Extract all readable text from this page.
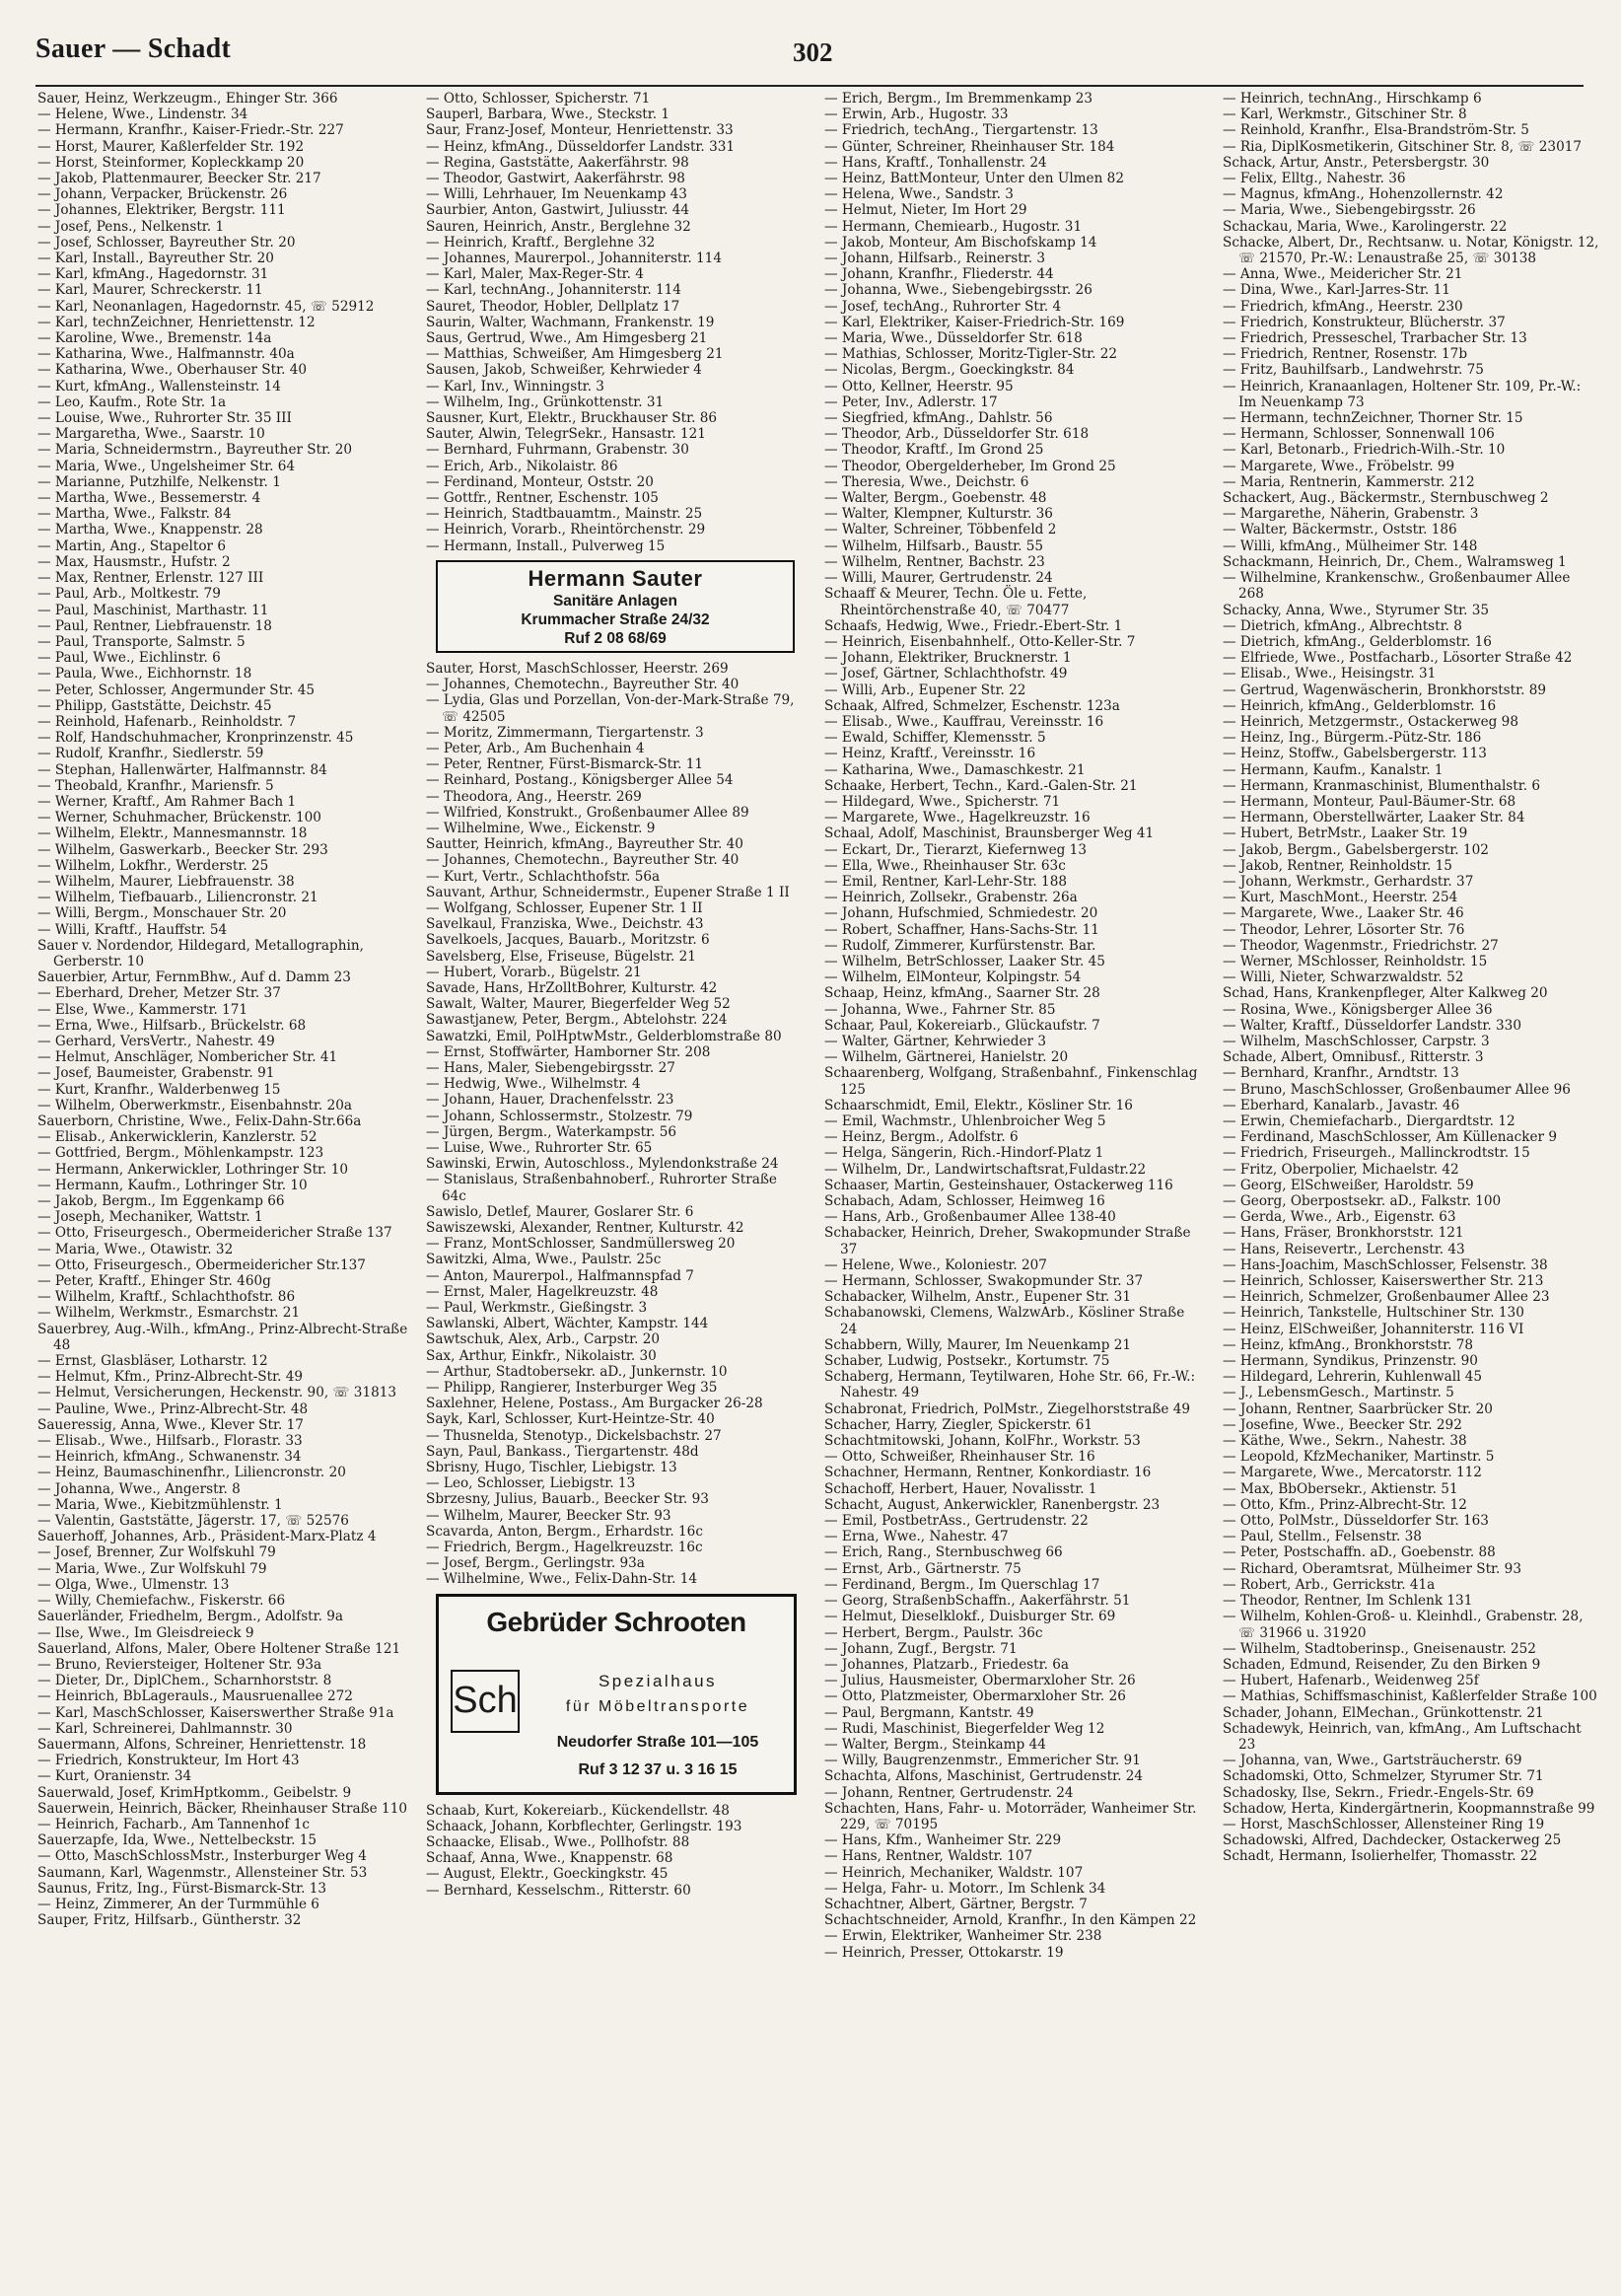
Sauer — Schadt	302
Sauer, Heinz, Werkzeugm., Ehinger Str. 366
— Helene, Wwe., Lindenstr. 34
— Hermann, Kranfhr., Kaiser-Friedr.-Str. 227
— Horst, Maurer, Kaßlerfelder Str. 192
— Horst, Steinformer, Kopleckkamp 20
— Jakob, Plattenmaurer, Beecker Str. 217
— Johann, Verpacker, Brückenstr. 26
— Johannes, Elektriker, Bergstr. 111
— Josef, Pens., Nelkenstr. 1
— Josef, Schlosser, Bayreuther Str. 20
— Karl, Install., Bayreuther Str. 20
— Karl, kfmAng., Hagedornstr. 31
— Karl, Maurer, Schreckerstr. 11
— Karl, Neonanlagen, Hagedornstr. 45, ☏ 52912
— Karl, technZeichner, Henriettenstr. 12
— Karoline, Wwe., Bremenstr. 14a
— Katharina, Wwe., Halfmannstr. 40a
— Katharina, Wwe., Oberhauser Str. 40
— Kurt, kfmAng., Wallensteinstr. 14
— Leo, Kaufm., Rote Str. 1a
— Louise, Wwe., Ruhrorter Str. 35 III
— Margaretha, Wwe., Saarstr. 10
— Maria, Schneidermstrn., Bayreuther Str. 20
— Maria, Wwe., Ungelsheimer Str. 64
— Marianne, Putzhilfe, Nelkenstr. 1
— Martha, Wwe., Bessemerstr. 4
— Martha, Wwe., Falkstr. 84
— Martha, Wwe., Knappenstr. 28
— Martin, Ang., Stapeltor 6
— Max, Hausmstr., Hufstr. 2
— Max, Rentner, Erlenstr. 127 III
— Paul, Arb., Moltkestr. 79
— Paul, Maschinist, Marthastr. 11
— Paul, Rentner, Liebfrauenstr. 18
— Paul, Transporte, Salmstr. 5
— Paul, Wwe., Eichlinstr. 6
— Paula, Wwe., Eichhornstr. 18
— Peter, Schlosser, Angermunder Str. 45
— Philipp, Gaststätte, Deichstr. 45
— Reinhold, Hafenarb., Reinholdstr. 7
— Rolf, Handschuhmacher, Kronprinzenstr. 45
— Rudolf, Kranfhr., Siedlerstr. 59
— Stephan, Hallenwärter, Halfmannstr. 84
— Theobald, Kranfhr., Mariensfr. 5
— Werner, Kraftf., Am Rahmer Bach 1
— Werner, Schuhmacher, Brückenstr. 100
— Wilhelm, Elektr., Mannesmannstr. 18
— Wilhelm, Gaswerkarb., Beecker Str. 293
— Wilhelm, Lokfhr., Werderstr. 25
— Wilhelm, Maurer, Liebfrauenstr. 38
— Wilhelm, Tiefbauarb., Liliencronstr. 21
— Willi, Bergm., Monschauer Str. 20
— Willi, Kraftf., Hauffstr. 54
Sauer v. Nordendor, Hildegard, Metallographin, Gerberstr. 10
Sauerbier, Artur, FernmBhw., Auf d. Damm 23
— Eberhard, Dreher, Metzer Str. 37
— Else, Wwe., Kammerstr. 171
— Erna, Wwe., Hilfsarb., Brückelstr. 68
— Gerhard, VersVertr., Nahestr. 49
— Helmut, Anschläger, Nombericher Str. 41
— Josef, Baumeister, Grabenstr. 91
— Kurt, Kranfhr., Walderbenweg 15
— Wilhelm, Oberwerkmstr., Eisenbahnstr. 20a
Sauerborn, Christine, Wwe., Felix-Dahn-Str.66a
— Elisab., Ankerwicklerin, Kanzlerstr. 52
— Gottfried, Bergm., Möhlenkampstr. 123
— Hermann, Ankerwickler, Lothringer Str. 10
— Hermann, Kaufm., Lothringer Str. 10
— Jakob, Bergm., Im Eggenkamp 66
— Joseph, Mechaniker, Wattstr. 1
— Otto, Friseurgesch., Obermeidericher Straße 137
— Maria, Wwe., Otawistr. 32
— Otto, Friseurgesch., Obermeidericher Str.137
— Peter, Kraftf., Ehinger Str. 460g
— Wilhelm, Kraftf., Schlachthofstr. 86
— Wilhelm, Werkmstr., Esmarchstr. 21
Sauerbrey, Aug.-Wilh., kfmAng., Prinz-Albrecht-Straße 48
— Ernst, Glasbläser, Lotharstr. 12
— Helmut, Kfm., Prinz-Albrecht-Str. 49
— Helmut, Versicherungen, Heckenstr. 90, ☏ 31813
— Pauline, Wwe., Prinz-Albrecht-Str. 48
Saueressig, Anna, Wwe., Klever Str. 17
— Elisab., Wwe., Hilfsarb., Florastr. 33
— Heinrich, kfmAng., Schwanenstr. 34
— Heinz, Baumaschinenfhr., Liliencronstr. 20
— Johanna, Wwe., Angerstr. 8
— Maria, Wwe., Kiebitzmühlenstr. 1
— Valentin, Gaststätte, Jägerstr. 17, ☏ 52576
Sauerhoff, Johannes, Arb., Präsident-Marx-Platz 4
— Josef, Brenner, Zur Wolfskuhl 79
— Maria, Wwe., Zur Wolfskuhl 79
— Olga, Wwe., Ulmenstr. 13
— Willy, Chemiefachw., Fiskerstr. 66
Sauerländer, Friedhelm, Bergm., Adolfstr. 9a
— Ilse, Wwe., Im Gleisdreieck 9
Sauerland, Alfons, Maler, Obere Holtener Straße 121
— Bruno, Reviersteiger, Holtener Str. 93a
— Dieter, Dr., DiplChem., Scharnhorststr. 8
— Heinrich, BbLagerauls., Mausruenallee 272
— Karl, MaschSchlosser, Kaiserswerther Straße 91a
— Karl, Schreinerei, Dahlmannstr. 30
Sauermann, Alfons, Schreiner, Henriettenstr. 18
— Friedrich, Konstrukteur, Im Hort 43
— Kurt, Oranienstr. 34
Sauerwald, Josef, KrimHptkomm., Geibelstr. 9
Sauerwein, Heinrich, Bäcker, Rheinhauser Straße 110
— Heinrich, Facharb., Am Tannenhof 1c
Sauerzapfe, Ida, Wwe., Nettelbeckstr. 15
— Otto, MaschSchlossMstr., Insterburger Weg 4
Saumann, Karl, Wagenmstr., Allensteiner Str. 53
Saunus, Fritz, Ing., Fürst-Bismarck-Str. 13
— Heinz, Zimmerer, An der Turmmühle 6
Sauper, Fritz, Hilfsarb., Güntherstr. 32
— Otto, Schlosser, Spicherstr. 71
Sauperl, Barbara, Wwe., Steckstr. 1
Saur, Franz-Josef, Monteur, Henriettenstr. 33
— Heinz, kfmAng., Düsseldorfer Landstr. 331
— Regina, Gaststätte, Aakerfährstr. 98
— Theodor, Gastwirt, Aakerfährstr. 98
— Willi, Lehrhauer, Im Neuenkamp 43
Saurbier, Anton, Gastwirt, Juliusstr. 44
Sauren, Heinrich, Anstr., Berglehne 32
— Heinrich, Kraftf., Berglehne 32
— Johannes, Maurerpol., Johanniterstr. 114
— Karl, Maler, Max-Reger-Str. 4
— Karl, technAng., Johanniterstr. 114
Sauret, Theodor, Hobler, Dellplatz 17
Saurin, Walter, Wachmann, Frankenstr. 19
Saus, Gertrud, Wwe., Am Himgesberg 21
— Matthias, Schweißer, Am Himgesberg 21
Sausen, Jakob, Schweißer, Kehrwieder 4
— Karl, Inv., Winningstr. 3
— Wilhelm, Ing., Grünkottenstr. 31
Sausner, Kurt, Elektr., Bruckhauser Str. 86
Sauter, Alwin, TelegrSekr., Hansastr. 121
— Bernhard, Fuhrmann, Grabenstr. 30
— Erich, Arb., Nikolaistr. 86
— Ferdinand, Monteur, Oststr. 20
— Gottfr., Rentner, Eschenstr. 105
— Heinrich, Stadtbauamtm., Mainstr. 25
— Heinrich, Vorarb., Rheintörchenstr. 29
— Hermann, Install., Pulverweg 15
Hermann Sauter
Sanitäre Anlagen
Krummacher Straße 24/32
Ruf 2 08 68/69
Sauter, Horst, MaschSchlosser, Heerstr. 269
— Johannes, Chemotechn., Bayreuther Str. 40
— Lydia, Glas und Porzellan, Von-der-Mark-Straße 79, ☏ 42505
— Moritz, Zimmermann, Tiergartenstr. 3
— Peter, Arb., Am Buchenhain 4
— Peter, Rentner, Fürst-Bismarck-Str. 11
— Reinhard, Postang., Königsberger Allee 54
— Theodora, Ang., Heerstr. 269
— Wilfried, Konstrukt., Großenbaumer Allee 89
— Wilhelmine, Wwe., Eickenstr. 9
Sautter, Heinrich, kfmAng., Bayreuther Str. 40
— Johannes, Chemotechn., Bayreuther Str. 40
— Kurt, Vertr., Schlachthofstr. 56a
Sauvant, Arthur, Schneidermstr., Eupener Straße 1 II
— Wolfgang, Schlosser, Eupener Str. 1 II
Savelkaul, Franziska, Wwe., Deichstr. 43
Savelkoels, Jacques, Bauarb., Moritzstr. 6
Savelsberg, Else, Friseuse, Bügelstr. 21
— Hubert, Vorarb., Bügelstr. 21
Savade, Hans, HrZolltBohrer, Kulturstr. 42
Sawalt, Walter, Maurer, Biegerfelder Weg 52
Sawastjanew, Peter, Bergm., Abtelohstr. 224
Sawatzki, Emil, PolHptwMstr., Gelderblomstraße 80
— Ernst, Stoffwärter, Hamborner Str. 208
— Hans, Maler, Siebengebirgsstr. 27
— Hedwig, Wwe., Wilhelmstr. 4
— Johann, Hauer, Drachenfelsstr. 23
— Johann, Schlossermstr., Stolzestr. 79
— Jürgen, Bergm., Waterkampstr. 56
— Luise, Wwe., Ruhrorter Str. 65
Sawinski, Erwin, Autoschloss., Mylendonkstraße 24
— Stanislaus, Straßenbahnoberf., Ruhrorter Straße 64c
Sawislo, Detlef, Maurer, Goslarer Str. 6
Sawiszewski, Alexander, Rentner, Kulturstr. 42
— Franz, MontSchlosser, Sandmüllersweg 20
Sawitzki, Alma, Wwe., Paulstr. 25c
— Anton, Maurerpol., Halfmannspfad 7
— Ernst, Maler, Hagelkreuzstr. 48
— Paul, Werkmstr., Gießingstr. 3
Sawlanski, Albert, Wächter, Kampstr. 144
Sawtschuk, Alex, Arb., Carpstr. 20
Sax, Arthur, Einkfr., Nikolaistr. 30
— Arthur, Stadtobersekr. aD., Junkernstr. 10
— Philipp, Rangierer, Insterburger Weg 35
Saxlehner, Helene, Postass., Am Burgacker 26-28
Sayk, Karl, Schlosser, Kurt-Heintze-Str. 40
— Thusnelda, Stenotyp., Dickelsbachstr. 27
Sayn, Paul, Bankass., Tiergartenstr. 48d
Sbrisny, Hugo, Tischler, Liebigstr. 13
— Leo, Schlosser, Liebigstr. 13
Sbrzesny, Julius, Bauarb., Beecker Str. 93
— Wilhelm, Maurer, Beecker Str. 93
Scavarda, Anton, Bergm., Erhardstr. 16c
— Friedrich, Bergm., Hagelkreuzstr. 16c
— Josef, Bergm., Gerlingstr. 93a
— Wilhelmine, Wwe., Felix-Dahn-Str. 14
Gebrüder Schrooten
Sch	Spezialhaus
für Möbeltransporte
Neudorfer Straße 101—105
Ruf 3 12 37 u. 3 16 15
Schaab, Kurt, Kokereiarb., Kückendellstr. 48
Schaack, Johann, Korbflechter, Gerlingstr. 193
Schaacke, Elisab., Wwe., Pollhofstr. 88
Schaaf, Anna, Wwe., Knappenstr. 68
— August, Elektr., Goeckingkstr. 45
— Bernhard, Kesselschm., Ritterstr. 60
— Erich, Bergm., Im Bremmenkamp 23
— Erwin, Arb., Hugostr. 33
— Friedrich, techAng., Tiergartenstr. 13
— Günter, Schreiner, Rheinhauser Str. 184
— Hans, Kraftf., Tonhallenstr. 24
— Heinz, BattMonteur, Unter den Ulmen 82
— Helena, Wwe., Sandstr. 3
— Helmut, Nieter, Im Hort 29
— Hermann, Chemiearb., Hugostr. 31
— Jakob, Monteur, Am Bischofskamp 14
— Johann, Hilfsarb., Reinerstr. 3
— Johann, Kranfhr., Fliederstr. 44
— Johanna, Wwe., Siebengebirgsstr. 26
— Josef, techAng., Ruhrorter Str. 4
— Karl, Elektriker, Kaiser-Friedrich-Str. 169
— Maria, Wwe., Düsseldorfer Str. 618
— Mathias, Schlosser, Moritz-Tigler-Str. 22
— Nicolas, Bergm., Goeckingkstr. 84
— Otto, Kellner, Heerstr. 95
— Peter, Inv., Adlerstr. 17
— Siegfried, kfmAng., Dahlstr. 56
— Theodor, Arb., Düsseldorfer Str. 618
— Theodor, Kraftf., Im Grond 25
— Theodor, Obergelderheber, Im Grond 25
— Theresia, Wwe., Deichstr. 6
— Walter, Bergm., Goebenstr. 48
— Walter, Klempner, Kulturstr. 36
— Walter, Schreiner, Többenfeld 2
— Wilhelm, Hilfsarb., Baustr. 55
— Wilhelm, Rentner, Bachstr. 23
— Willi, Maurer, Gertrudenstr. 24
Schaaff & Meurer, Techn. Öle u. Fette, Rheintörchenstraße 40, ☏ 70477
Schaafs, Hedwig, Wwe., Friedr.-Ebert-Str. 1
— Heinrich, Eisenbahnhelf., Otto-Keller-Str. 7
— Johann, Elektriker, Brucknerstr. 1
— Josef, Gärtner, Schlachthofstr. 49
— Willi, Arb., Eupener Str. 22
Schaak, Alfred, Schmelzer, Eschenstr. 123a
— Elisab., Wwe., Kauffrau, Vereinsstr. 16
— Ewald, Schiffer, Klemensstr. 5
— Heinz, Kraftf., Vereinsstr. 16
— Katharina, Wwe., Damaschkestr. 21
Schaake, Herbert, Techn., Kard.-Galen-Str. 21
— Hildegard, Wwe., Spicherstr. 71
— Margarete, Wwe., Hagelkreuzstr. 16
Schaal, Adolf, Maschinist, Braunsberger Weg 41
— Eckart, Dr., Tierarzt, Kiefernweg 13
— Ella, Wwe., Rheinhauser Str. 63c
— Emil, Rentner, Karl-Lehr-Str. 188
— Heinrich, Zollsekr., Grabenstr. 26a
— Johann, Hufschmied, Schmiedestr. 20
— Robert, Schaffner, Hans-Sachs-Str. 11
— Rudolf, Zimmerer, Kurfürstenstr. Bar.
— Wilhelm, BetrSchlosser, Laaker Str. 45
— Wilhelm, ElMonteur, Kolpingstr. 54
Schaap, Heinz, kfmAng., Saarner Str. 28
— Johanna, Wwe., Fahrner Str. 85
Schaar, Paul, Kokereiarb., Glückaufstr. 7
— Walter, Gärtner, Kehrwieder 3
— Wilhelm, Gärtnerei, Hanielstr. 20
Schaarenberg, Wolfgang, Straßenbahnf., Finkenschlag 125
Schaarschmidt, Emil, Elektr., Kösliner Str. 16
— Emil, Wachmstr., Uhlenbroicher Weg 5
— Heinz, Bergm., Adolfstr. 6
— Helga, Sängerin, Rich.-Hindorf-Platz 1
— Wilhelm, Dr., Landwirtschaftsrat,Fuldastr.22
Schaaser, Martin, Gesteinshauer, Ostackerweg 116
Schabach, Adam, Schlosser, Heimweg 16
— Hans, Arb., Großenbaumer Allee 138-40
Schabacker, Heinrich, Dreher, Swakopmunder Straße 37
— Helene, Wwe., Koloniestr. 207
— Hermann, Schlosser, Swakopmunder Str. 37
Schabacker, Wilhelm, Anstr., Eupener Str. 31
Schabanowski, Clemens, WalzwArb., Kösliner Straße 24
Schabbern, Willy, Maurer, Im Neuenkamp 21
Schaber, Ludwig, Postsekr., Kortumstr. 75
Schaberg, Hermann, Teytilwaren, Hohe Str. 66, Fr.-W.: Nahestr. 49
Schabronat, Friedrich, PolMstr., Ziegelhorststraße 49
Schacher, Harry, Ziegler, Spickerstr. 61
Schachtmitowski, Johann, KolFhr., Workstr. 53
— Otto, Schweißer, Rheinhauser Str. 16
Schachner, Hermann, Rentner, Konkordiastr. 16
Schachoff, Herbert, Hauer, Novalisstr. 1
Schacht, August, Ankerwickler, Ranenbergstr. 23
— Emil, PostbetrAss., Gertrudenstr. 22
— Erna, Wwe., Nahestr. 47
— Erich, Rang., Sternbuschweg 66
— Ernst, Arb., Gärtnerstr. 75
— Ferdinand, Bergm., Im Querschlag 17
— Georg, StraßenbSchaffn., Aakerfährstr. 51
— Helmut, Dieselklokf., Duisburger Str. 69
— Herbert, Bergm., Paulstr. 36c
— Johann, Zugf., Bergstr. 71
— Johannes, Platzarb., Friedestr. 6a
— Julius, Hausmeister, Obermarxloher Str. 26
— Otto, Platzmeister, Obermarxloher Str. 26
— Paul, Bergmann, Kantstr. 49
— Rudi, Maschinist, Biegerfelder Weg 12
— Walter, Bergm., Steinkamp 44
— Willy, Baugrenzenmstr., Emmericher Str. 91
Schachta, Alfons, Maschinist, Gertrudenstr. 24
— Johann, Rentner, Gertrudenstr. 24
Schachten, Hans, Fahr- u. Motorräder, Wanheimer Str. 229, ☏ 70195
— Hans, Kfm., Wanheimer Str. 229
— Hans, Rentner, Waldstr. 107
— Heinrich, Mechaniker, Waldstr. 107
— Helga, Fahr- u. Motorr., Im Schlenk 34
Schachtner, Albert, Gärtner, Bergstr. 7
Schachtschneider, Arnold, Kranfhr., In den Kämpen 22
— Erwin, Elektriker, Wanheimer Str. 238
— Heinrich, Presser, Ottokarstr. 19
— Heinrich, technAng., Hirschkamp 6
— Karl, Werkmstr., Gitschiner Str. 8
— Reinhold, Kranfhr., Elsa-Brandström-Str. 5
— Ria, DiplKosmetikerin, Gitschiner Str. 8, ☏ 23017
Schack, Artur, Anstr., Petersbergstr. 30
— Felix, Elltg., Nahestr. 36
— Magnus, kfmAng., Hohenzollernstr. 42
— Maria, Wwe., Siebengebirgsstr. 26
Schackau, Maria, Wwe., Karolingerstr. 22
Schacke, Albert, Dr., Rechtsanw. u. Notar, Königstr. 12, ☏ 21570, Pr.-W.: Lenaustraße 25, ☏ 30138
— Anna, Wwe., Meidericher Str. 21
— Dina, Wwe., Karl-Jarres-Str. 11
— Friedrich, kfmAng., Heerstr. 230
— Friedrich, Konstrukteur, Blücherstr. 37
— Friedrich, Presseschel, Trarbacher Str. 13
— Friedrich, Rentner, Rosenstr. 17b
— Fritz, Bauhilfsarb., Landwehrstr. 75
— Heinrich, Kranaanlagen, Holtener Str. 109, Pr.-W.: Im Neuenkamp 73
— Hermann, technZeichner, Thorner Str. 15
— Hermann, Schlosser, Sonnenwall 106
— Karl, Betonarb., Friedrich-Wilh.-Str. 10
— Margarete, Wwe., Fröbelstr. 99
— Maria, Rentnerin, Kammerstr. 212
Schackert, Aug., Bäckermstr., Sternbuschweg 2
— Margarethe, Näherin, Grabenstr. 3
— Walter, Bäckermstr., Oststr. 186
— Willi, kfmAng., Mülheimer Str. 148
Schackmann, Heinrich, Dr., Chem., Walramsweg 1
— Wilhelmine, Krankenschw., Großenbaumer Allee 268
Schacky, Anna, Wwe., Styrumer Str. 35
— Dietrich, kfmAng., Albrechtstr. 8
— Dietrich, kfmAng., Gelderblomstr. 16
— Elfriede, Wwe., Postfacharb., Lösorter Straße 42
— Elisab., Wwe., Heisingstr. 31
— Gertrud, Wagenwäscherin, Bronkhorststr. 89
— Heinrich, kfmAng., Gelderblomstr. 16
— Heinrich, Metzgermstr., Ostackerweg 98
— Heinz, Ing., Bürgerm.-Pütz-Str. 186
— Heinz, Stoffw., Gabelsbergerstr. 113
— Hermann, Kaufm., Kanalstr. 1
— Hermann, Kranmaschinist, Blumenthalstr. 6
— Hermann, Monteur, Paul-Bäumer-Str. 68
— Hermann, Oberstellwärter, Laaker Str. 84
— Hubert, BetrMstr., Laaker Str. 19
— Jakob, Bergm., Gabelsbergerstr. 102
— Jakob, Rentner, Reinholdstr. 15
— Johann, Werkmstr., Gerhardstr. 37
— Kurt, MaschMont., Heerstr. 254
— Margarete, Wwe., Laaker Str. 46
— Theodor, Lehrer, Lösorter Str. 76
— Theodor, Wagenmstr., Friedrichstr. 27
— Werner, MSchlosser, Reinholdstr. 15
— Willi, Nieter, Schwarzwaldstr. 52
Schad, Hans, Krankenpfleger, Alter Kalkweg 20
— Rosina, Wwe., Königsberger Allee 36
— Walter, Kraftf., Düsseldorfer Landstr. 330
— Wilhelm, MaschSchlosser, Carpstr. 3
Schade, Albert, Omnibusf., Ritterstr. 3
— Bernhard, Kranfhr., Arndtstr. 13
— Bruno, MaschSchlosser, Großenbaumer Allee 96
— Eberhard, Kanalarb., Javastr. 46
— Erwin, Chemiefacharb., Diergardtstr. 12
— Ferdinand, MaschSchlosser, Am Küllenacker 9
— Friedrich, Friseurgeh., Mallinckrodtstr. 15
— Fritz, Oberpolier, Michaelstr. 42
— Georg, ElSchweißer, Haroldstr. 59
— Georg, Oberpostsekr. aD., Falkstr. 100
— Gerda, Wwe., Arb., Eigenstr. 63
— Hans, Fräser, Bronkhorststr. 121
— Hans, Reisevertr., Lerchenstr. 43
— Hans-Joachim, MaschSchlosser, Felsenstr. 38
— Heinrich, Schlosser, Kaiserswerther Str. 213
— Heinrich, Schmelzer, Großenbaumer Allee 23
— Heinrich, Tankstelle, Hultschiner Str. 130
— Heinz, ElSchweißer, Johanniterstr. 116 VI
— Heinz, kfmAng., Bronkhorststr. 78
— Hermann, Syndikus, Prinzenstr. 90
— Hildegard, Lehrerin, Kuhlenwall 45
— J., LebensmGesch., Martinstr. 5
— Johann, Rentner, Saarbrücker Str. 20
— Josefine, Wwe., Beecker Str. 292
— Käthe, Wwe., Sekrn., Nahestr. 38
— Leopold, KfzMechaniker, Martinstr. 5
— Margarete, Wwe., Mercatorstr. 112
— Max, BbObersekr., Aktienstr. 51
— Otto, Kfm., Prinz-Albrecht-Str. 12
— Otto, PolMstr., Düsseldorfer Str. 163
— Paul, Stellm., Felsenstr. 38
— Peter, Postschaffn. aD., Goebenstr. 88
— Richard, Oberamtsrat, Mülheimer Str. 93
— Robert, Arb., Gerrickstr. 41a
— Theodor, Rentner, Im Schlenk 131
— Wilhelm, Kohlen-Groß- u. Kleinhdl., Grabenstr. 28, ☏ 31966 u. 31920
— Wilhelm, Stadtoberinsp., Gneisenaustr. 252
Schaden, Edmund, Reisender, Zu den Birken 9
— Hubert, Hafenarb., Weidenweg 25f
— Mathias, Schiffsmaschinist, Kaßlerfelder Straße 100
Schader, Johann, ElMechan., Grünkottenstr. 21
Schadewyk, Heinrich, van, kfmAng., Am Luftschacht 23
— Johanna, van, Wwe., Gartsträucherstr. 69
Schadomski, Otto, Schmelzer, Styrumer Str. 71
Schadosky, Ilse, Sekrn., Friedr.-Engels-Str. 69
Schadow, Herta, Kindergärtnerin, Koopmannstraße 99
— Horst, MaschSchlosser, Allensteiner Ring 19
Schadowski, Alfred, Dachdecker, Ostackerweg 25
Schadt, Hermann, Isolierhelfer, Thomasstr. 22
